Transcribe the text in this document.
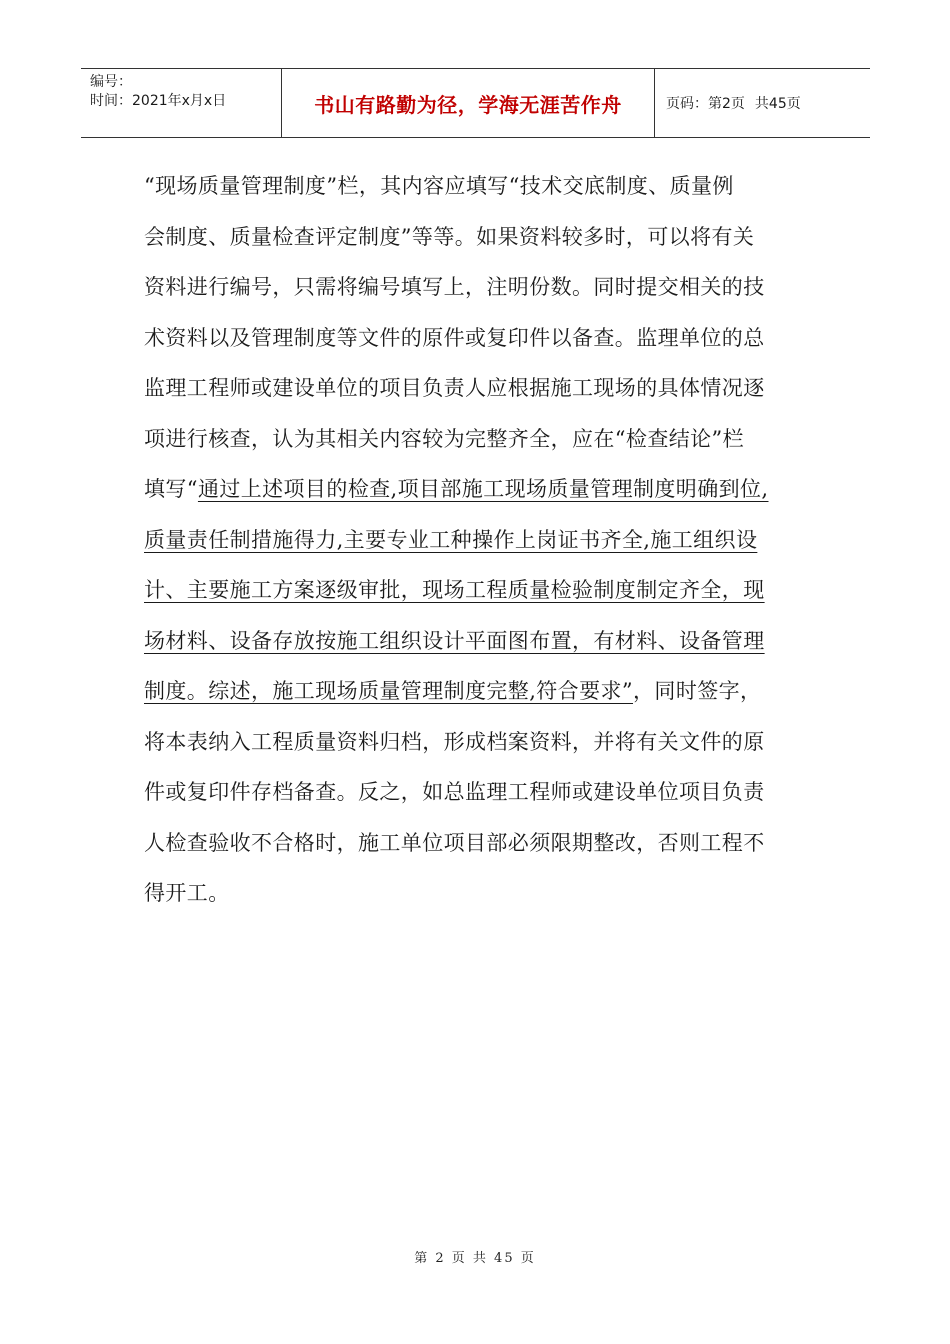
编号：
时间：2021年x月x日	书山有路勤为径，学海无涯苦作舟	页码：第2页 共45页
“现场质量管理制度”栏，其内容应填写“技术交底制度、质量例
会制度、质量检查评定制度”等等。如果资料较多时，可以将有关
资料进行编号，只需将编号填写上，注明份数。同时提交相关的技
术资料以及管理制度等文件的原件或复印件以备查。监理单位的总
监理工程师或建设单位的项目负责人应根据施工现场的具体情况逐
项进行核查，认为其相关内容较为完整齐全，应在“检查结论”栏
填写“通过上述项目的检查,项目部施工现场质量管理制度明确到位,
质量责任制措施得力,主要专业工种操作上岗证书齐全,施工组织设
计、主要施工方案逐级审批，现场工程质量检验制度制定齐全，现
场材料、设备存放按施工组织设计平面图布置，有材料、设备管理
制度。综述，施工现场质量管理制度完整,符合要求”，同时签字，
将本表纳入工程质量资料归档，形成档案资料，并将有关文件的原
件或复印件存档备查。反之，如总监理工程师或建设单位项目负责
人检查验收不合格时，施工单位项目部必须限期整改，否则工程不
得开工。
第 2 页 共 45 页
